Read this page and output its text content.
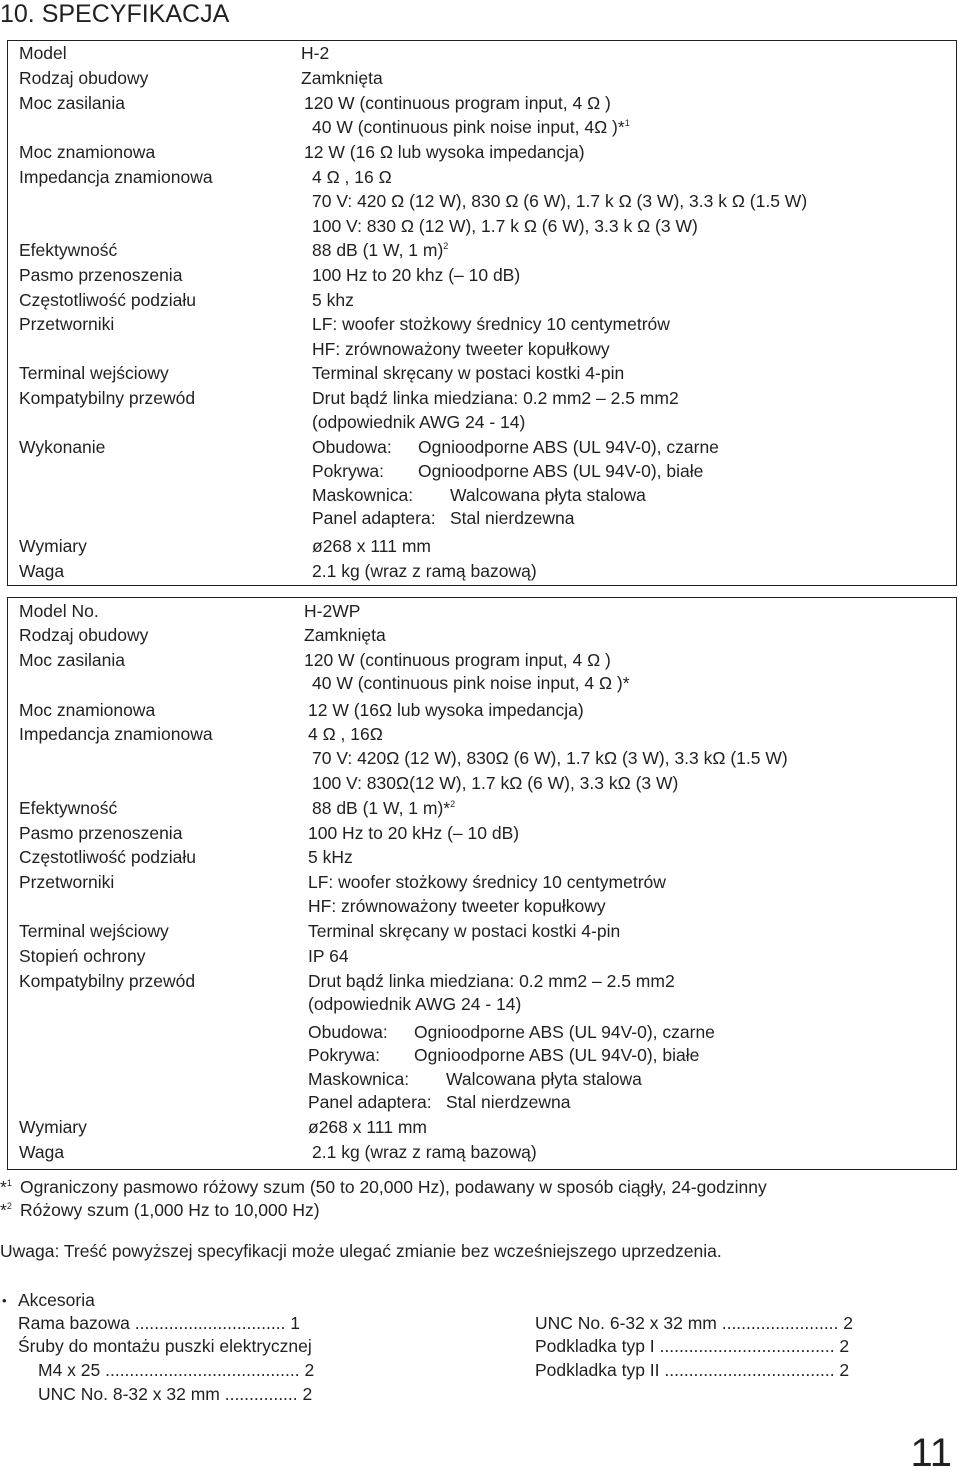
10. SPECYFIKACJA
Model	H-2
Rodzaj obudowy	Zamknięta
Moc zasilania	120 W (continuous program input, 4 Ω )
40 W (continuous pink noise input, 4Ω )*$^1$
Moc znamionowa	12 W (16 Ω lub wysoka impedancja)
Impedancja znamionowa	4 Ω , 16 Ω
70 V: 420 Ω (12 W), 830 Ω (6 W), 1.7 k Ω (3 W), 3.3 k Ω (1.5 W)
100 V: 830 Ω (12 W), 1.7 k Ω (6 W), 3.3 k Ω (3 W)
Efektywność	88 dB (1 W, 1 m)$^2$
Pasmo przenoszenia	100 Hz to 20 khz (– 10 dB)
Częstotliwość podziału	5 khz
Przetworniki	LF: woofer stożkowy średnicy 10 centymetrów
HF: zrównoważony tweeter kopułkowy
Terminal wejściowy	Terminal skręcany w postaci kostki 4-pin
Kompatybilny przewód	Drut bądź linka miedziana: 0.2 mm2 – 2.5 mm2
(odpowiednik AWG 24 - 14)
Wykonanie	Obudowa: Ognioodporne ABS (UL 94V-0), czarne
Pokrywa: Ognioodporne ABS (UL 94V-0), białe
Maskownica: Walcowana płyta stalowa
Panel adaptera: Stal nierdzewna
Wymiary	ø268 x 111 mm
Waga	2.1 kg (wraz z ramą bazową)
Model No.	H-2WP
Rodzaj obudowy	Zamknięta
Moc zasilania	120 W (continuous program input, 4 Ω )
40 W (continuous pink noise input, 4 Ω )*
Moc znamionowa	12 W (16Ω lub wysoka impedancja)
Impedancja znamionowa	4 Ω , 16Ω
70 V: 420Ω (12 W), 830Ω (6 W), 1.7 kΩ (3 W), 3.3 kΩ (1.5 W)
100 V: 830Ω(12 W), 1.7 kΩ (6 W), 3.3 kΩ (3 W)
Efektywność	88 dB (1 W, 1 m)*$^2$
Pasmo przenoszenia	100 Hz to 20 kHz (– 10 dB)
Częstotliwość podziału	5 kHz
Przetworniki	LF: woofer stożkowy średnicy 10 centymetrów
HF: zrównoważony tweeter kopułkowy
Terminal wejściowy	Terminal skręcany w postaci kostki 4-pin
Stopień ochrony	IP 64
Kompatybilny przewód	Drut bądź linka miedziana: 0.2 mm2 – 2.5 mm2
(odpowiednik AWG 24 - 14)
Obudowa: Ognioodporne ABS (UL 94V-0), czarne
Pokrywa: Ognioodporne ABS (UL 94V-0), białe
Maskownica: Walcowana płyta stalowa
Panel adaptera: Stal nierdzewna
Wymiary	ø268 x 111 mm
Waga	2.1 kg (wraz z ramą bazową)
*$^1$ Ograniczony pasmowo różowy szum (50 to 20,000 Hz), podawany w sposób ciągły, 24-godzinny
*$^2$ Różowy szum (1,000 Hz to 10,000 Hz)
Uwaga: Treść powyższej specyfikacji może ulegać zmianie bez wcześniejszego uprzedzenia.
• Akcesoria
Rama bazowa ............................... 1
Śruby do montażu puszki elektrycznej
M4 x 25 ........................................ 2
UNC No. 8-32 x 32 mm ............... 2
UNC No. 6-32 x 32 mm ........................ 2
Podkladka typ I .................................... 2
Podkladka typ II ................................... 2
11
